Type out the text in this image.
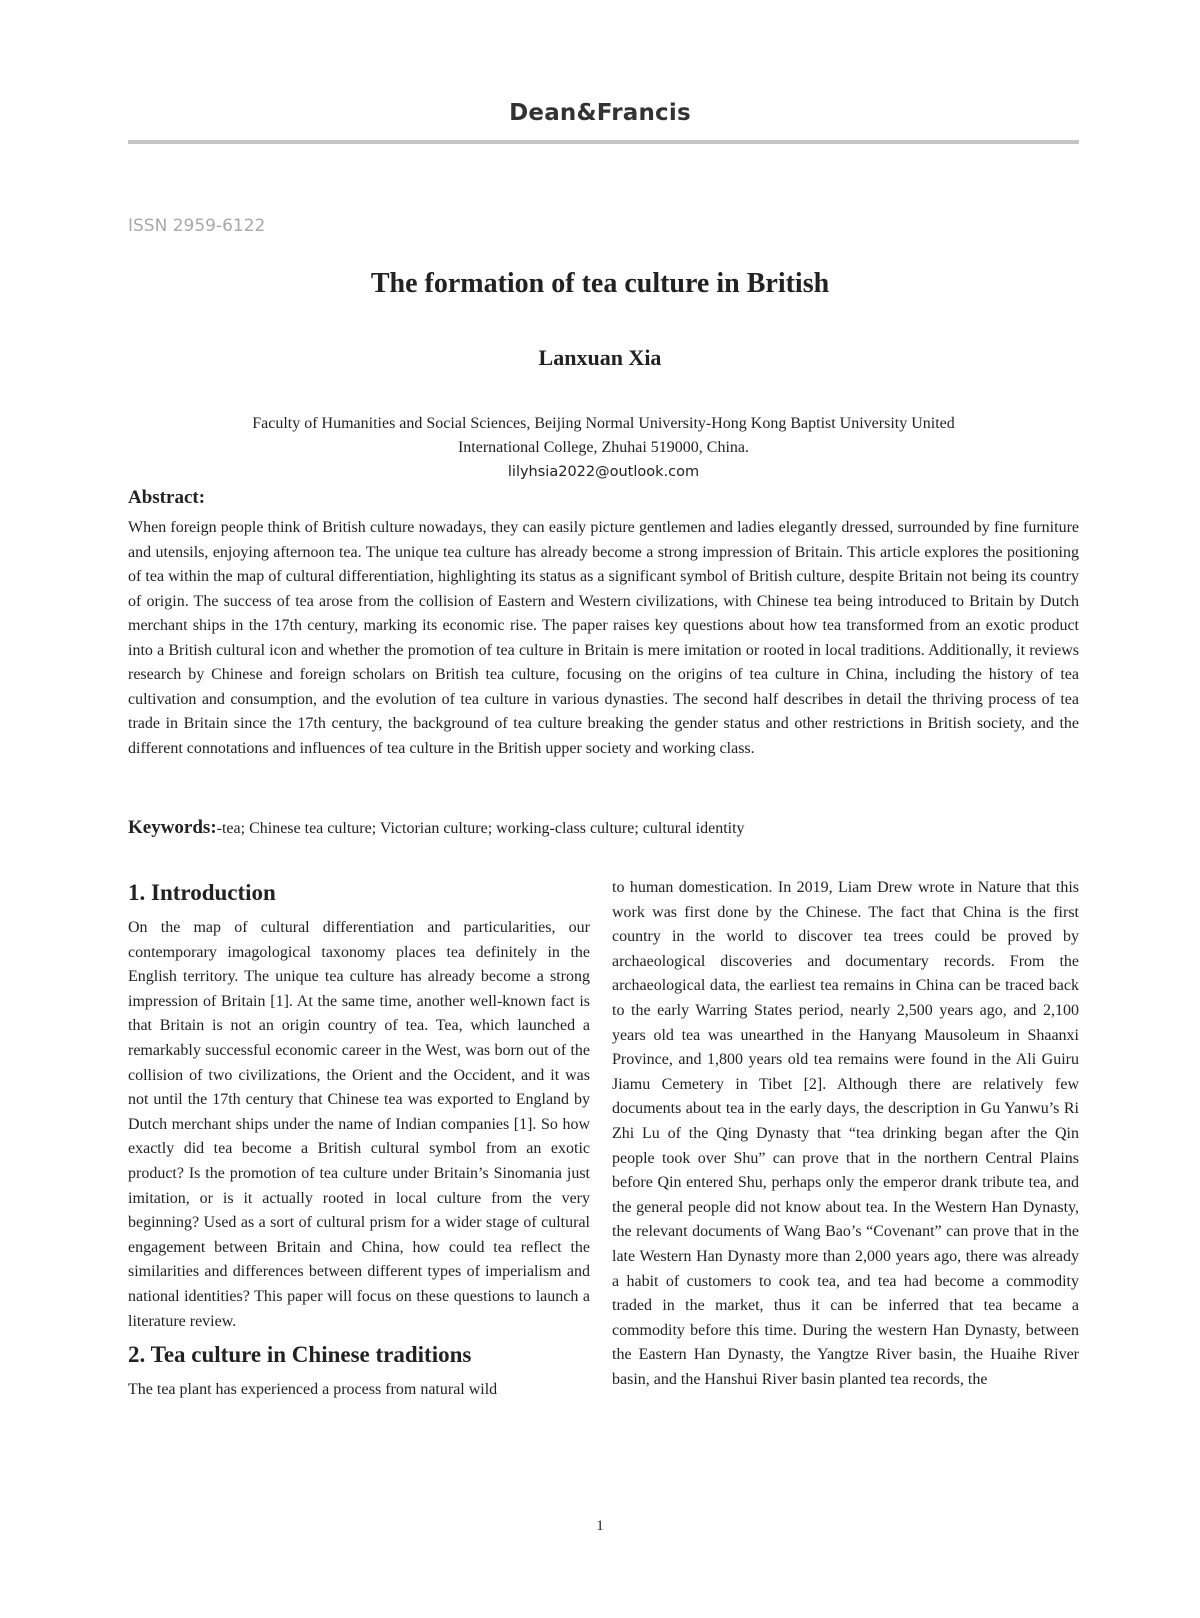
Dean&Francis
ISSN 2959-6122
The formation of tea culture in British
Lanxuan Xia
Faculty of Humanities and Social Sciences, Beijing Normal University-Hong Kong Baptist University United
International College, Zhuhai 519000, China.
lilyhsia2022@outlook.com
Abstract:
When foreign people think of British culture nowadays, they can easily picture gentlemen and ladies elegantly dressed, surrounded by fine furniture and utensils, enjoying afternoon tea. The unique tea culture has already become a strong impression of Britain. This article explores the positioning of tea within the map of cultural differentiation, highlighting its status as a significant symbol of British culture, despite Britain not being its country of origin. The success of tea arose from the collision of Eastern and Western civilizations, with Chinese tea being introduced to Britain by Dutch merchant ships in the 17th century, marking its economic rise. The paper raises key questions about how tea transformed from an exotic product into a British cultural icon and whether the promotion of tea culture in Britain is mere imitation or rooted in local traditions. Additionally, it reviews research by Chinese and foreign scholars on British tea culture, focusing on the origins of tea culture in China, including the history of tea cultivation and consumption, and the evolution of tea culture in various dynasties. The second half describes in detail the thriving process of tea trade in Britain since the 17th century, the background of tea culture breaking the gender status and other restrictions in British society, and the different connotations and influences of tea culture in the British upper society and working class.
Keywords:-tea; Chinese tea culture; Victorian culture; working-class culture; cultural identity
1. Introduction

On the map of cultural differentiation and particularities, our contemporary imagological taxonomy places tea definitely in the English territory. The unique tea culture has already become a strong impression of Britain [1]. At the same time, another well-known fact is that Britain is not an origin country of tea. Tea, which launched a remarkably successful economic career in the West, was born out of the collision of two civilizations, the Orient and the Occident, and it was not until the 17th century that Chinese tea was exported to England by Dutch merchant ships under the name of Indian companies [1]. So how exactly did tea become a British cultural symbol from an exotic product? Is the promotion of tea culture under Britain’s Sinomania just imitation, or is it actually rooted in local culture from the very beginning? Used as a sort of cultural prism for a wider stage of cultural engagement between Britain and China, how could tea reflect the similarities and differences between different types of imperialism and national identities? This paper will focus on these questions to launch a literature review.

2. Tea culture in Chinese traditions

The tea plant has experienced a process from natural wild

to human domestication. In 2019, Liam Drew wrote in Nature that this work was first done by the Chinese. The fact that China is the first country in the world to discover tea trees could be proved by archaeological discoveries and documentary records. From the archaeological data, the earliest tea remains in China can be traced back to the early Warring States period, nearly 2,500 years ago, and 2,100 years old tea was unearthed in the Hanyang Mausoleum in Shaanxi Province, and 1,800 years old tea remains were found in the Ali Guiru Jiamu Cemetery in Tibet [2]. Although there are relatively few documents about tea in the early days, the description in Gu Yanwu’s Ri Zhi Lu of the Qing Dynasty that “tea drinking began after the Qin people took over Shu” can prove that in the northern Central Plains before Qin entered Shu, perhaps only the emperor drank tribute tea, and the general people did not know about tea. In the Western Han Dynasty, the relevant documents of Wang Bao’s “Covenant” can prove that in the late Western Han Dynasty more than 2,000 years ago, there was already a habit of customers to cook tea, and tea had become a commodity traded in the market, thus it can be inferred that tea became a commodity before this time. During the western Han Dynasty, between the Eastern Han Dynasty, the Yangtze River basin, the Huaihe River basin, and the Hanshui River basin planted tea records, the

1
